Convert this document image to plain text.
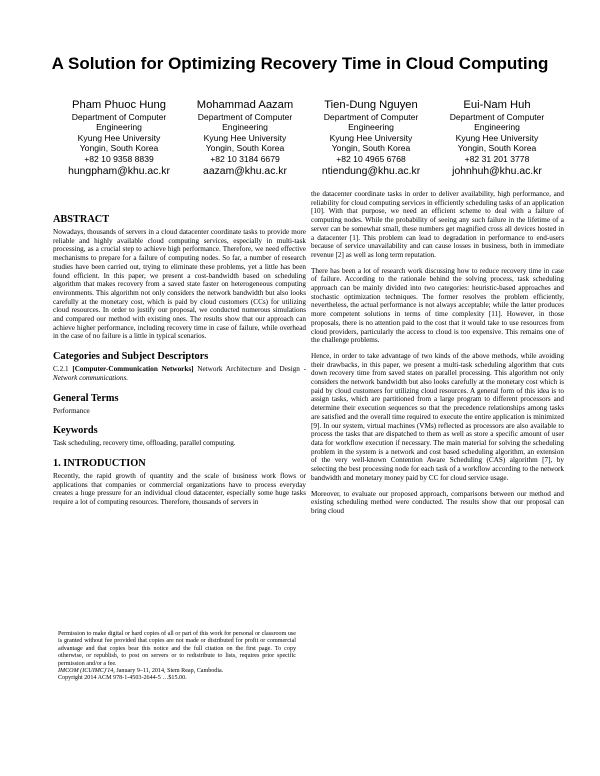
A Solution for Optimizing Recovery Time in Cloud Computing
Pham Phuoc Hung
Department of Computer Engineering
Kyung Hee University
Yongin, South Korea
+82 10 9358 8839
hungpham@khu.ac.kr
Mohammad Aazam
Department of Computer Engineering
Kyung Hee University
Yongin, South Korea
+82 10 3184 6679
aazam@khu.ac.kr
Tien-Dung Nguyen
Department of Computer Engineering
Kyung Hee University
Yongin, South Korea
+82 10 4965 6768
ntiendung@khu.ac.kr
Eui-Nam Huh
Department of Computer Engineering
Kyung Hee University
Yongin, South Korea
+82 31 201 3778
johnhuh@khu.ac.kr
ABSTRACT

Nowadays, thousands of servers in a cloud datacenter coordinate tasks to provide more reliable and highly available cloud computing services, especially in multi-task processing, as a crucial step to achieve high performance. Therefore, we need effective mechanisms to prepare for a failure of computing nodes. So far, a number of research studies have been carried out, trying to eliminate these problems, yet a little has been found efficient. In this paper, we present a cost-bandwidth based on scheduling algorithm that makes recovery from a saved state faster on heterogeneous computing environments. This algorithm not only considers the network bandwidth but also looks carefully at the monetary cost, which is paid by cloud customers (CCs) for utilizing cloud resources. In order to justify our proposal, we conducted numerous simulations and compared our method with existing ones. The results show that our approach can achieve higher performance, including recovery time in case of failure, while overhead in the case of no failure is a little in typical scenarios.

Categories and Subject Descriptors

C.2.1 [Computer-Communication Networks] Network Architecture and Design - Network communications.

General Terms

Performance

Keywords

Task scheduling, recovery time, offloading, parallel computing.

1. INTRODUCTION

Recently, the rapid growth of quantity and the scale of business work flows or applications that companies or commercial organizations have to process everyday creates a huge pressure for an individual cloud datacenter, especially some huge tasks require a lot of computing resources. Therefore, thousands of servers in

Permission to make digital or hard copies of all or part of this work for personal or classroom use is granted without fee provided that copies are not made or distributed for profit or commercial advantage and that copies bear this notice and the full citation on the first page. To copy otherwise, or republish, to post on servers or to redistribute to lists, requires prior specific permission and/or a fee.
IMCOM (ICUIMC)'14, January 9–11, 2014, Siem Reap, Cambodia.
Copyright 2014 ACM 978-1-4503-2644-5 …$15.00.

the datacenter coordinate tasks in order to deliver availability, high performance, and reliability for cloud computing services in efficiently scheduling tasks of an application [10]. With that purpose, we need an efficient scheme to deal with a failure of computing nodes. While the probability of seeing any such failure in the lifetime of a server can be somewhat small, these numbers get magnified cross all devices hosted in a datacenter [1]. This problem can lead to degradation in performance to end-users because of service unavailability and can cause losses in business, both in immediate revenue [2] as well as long term reputation.

There has been a lot of research work discussing how to reduce recovery time in case of failure. According to the rationale behind the solving process, task scheduling approach can be mainly divided into two categories: heuristic-based approaches and stochastic optimization techniques. The former resolves the problem efficiently, nevertheless, the actual performance is not always acceptable; while the latter produces more competent solutions in terms of time complexity [11]. However, in those proposals, there is no attention paid to the cost that it would take to use resources from cloud providers, particularly the access to cloud is too expensive. This remains one of the challenge problems.

Hence, in order to take advantage of two kinds of the above methods, while avoiding their drawbacks, in this paper, we present a multi-task scheduling algorithm that cuts down recovery time from saved states on parallel processing. This algorithm not only considers the network bandwidth but also looks carefully at the monetary cost which is paid by cloud customers for utilizing cloud resources. A general form of this idea is to assign tasks, which are partitioned from a large program to different processors and determine their execution sequences so that the precedence relationships among tasks are satisfied and the overall time required to execute the entire application is minimized [9]. In our system, virtual machines (VMs) reflected as processors are also available to process the tasks that are dispatched to them as well as store a specific amount of user data for workflow execution if necessary. The main material for solving the scheduling problem in the system is a network and cost based scheduling algorithm, an extension of the very well-known Contention Aware Scheduling (CAS) algorithm [7], by selecting the best processing node for each task of a workflow according to the network bandwidth and monetary money paid by CC for cloud service usage.

Moreover, to evaluate our proposed approach, comparisons between our method and existing scheduling method were conducted. The results show that our proposal can bring cloud
